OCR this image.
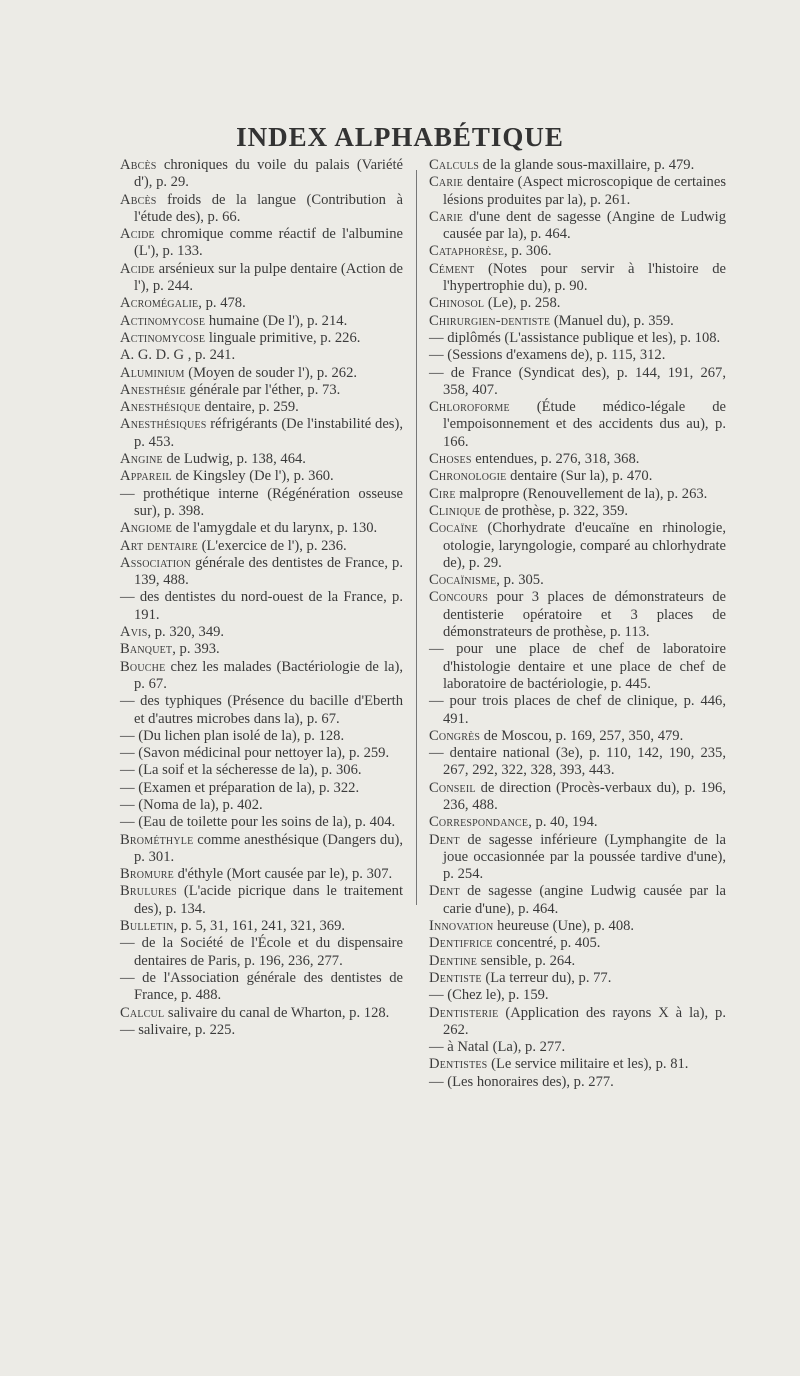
INDEX ALPHABÉTIQUE

Abcès chroniques du voile du palais (Variété d'), p. 29.

Abcès froids de la langue (Contribution à l'étude des), p. 66.

Acide chromique comme réactif de l'albumine (L'), p. 133.

Acide arsénieux sur la pulpe dentaire (Action de l'), p. 244.

Acromégalie, p. 478.

Actinomycose humaine (De l'), p. 214.

Actinomycose linguale primitive, p. 226.

A. G. D. G , p. 241.

Aluminium (Moyen de souder l'), p. 262.

Anesthésie générale par l'éther, p. 73.

Anesthésique dentaire, p. 259.

Anesthésiques réfrigérants (De l'instabilité des), p. 453.

Angine de Ludwig, p. 138, 464.

Appareil de Kingsley (De l'), p. 360.

— prothétique interne (Régénération osseuse sur), p. 398.

Angiome de l'amygdale et du larynx, p. 130.

Art dentaire (L'exercice de l'), p. 236.

Association générale des dentistes de France, p. 139, 488.

— des dentistes du nord-ouest de la France, p. 191.

Avis, p. 320, 349.

Banquet, p. 393.

Bouche chez les malades (Bactériologie de la), p. 67.

— des typhiques (Présence du bacille d'Eberth et d'autres microbes dans la), p. 67.

— (Du lichen plan isolé de la), p. 128.

— (Savon médicinal pour nettoyer la), p. 259.

— (La soif et la sécheresse de la), p. 306.

— (Examen et préparation de la), p. 322.

— (Noma de la), p. 402.

— (Eau de toilette pour les soins de la), p. 404.

Brométhyle comme anesthésique (Dangers du), p. 301.

Bromure d'éthyle (Mort causée par le), p. 307.

Brulures (L'acide picrique dans le traitement des), p. 134.

Bulletin, p. 5, 31, 161, 241, 321, 369.

— de la Société de l'École et du dispensaire dentaires de Paris, p. 196, 236, 277.

— de l'Association générale des dentistes de France, p. 488.

Calcul salivaire du canal de Wharton, p. 128.

— salivaire, p. 225.

Calculs de la glande sous-maxillaire, p. 479.

Carie dentaire (Aspect microscopique de certaines lésions produites par la), p. 261.

Carie d'une dent de sagesse (Angine de Ludwig causée par la), p. 464.

Cataphorèse, p. 306.

Cément (Notes pour servir à l'histoire de l'hypertrophie du), p. 90.

Chinosol (Le), p. 258.

Chirurgien-dentiste (Manuel du), p. 359.

— diplômés (L'assistance publique et les), p. 108.

— (Sessions d'examens de), p. 115, 312.

— de France (Syndicat des), p. 144, 191, 267, 358, 407.

Chloroforme (Étude médico-légale de l'empoisonnement et des accidents dus au), p. 166.

Choses entendues, p. 276, 318, 368.

Chronologie dentaire (Sur la), p. 470.

Cire malpropre (Renouvellement de la), p. 263.

Clinique de prothèse, p. 322, 359.

Cocaïne (Chorhydrate d'eucaïne en rhinologie, otologie, laryngologie, comparé au chlorhydrate de), p. 29.

Cocaïnisme, p. 305.

Concours pour 3 places de démonstrateurs de dentisterie opératoire et 3 places de démonstrateurs de prothèse, p. 113.

— pour une place de chef de laboratoire d'histologie dentaire et une place de chef de laboratoire de bactériologie, p. 445.

— pour trois places de chef de clinique, p. 446, 491.

Congrès de Moscou, p. 169, 257, 350, 479.

— dentaire national (3e), p. 110, 142, 190, 235, 267, 292, 322, 328, 393, 443.

Conseil de direction (Procès-verbaux du), p. 196, 236, 488.

Correspondance, p. 40, 194.

Dent de sagesse inférieure (Lymphangite de la joue occasionnée par la poussée tardive d'une), p. 254.

Dent de sagesse (angine Ludwig causée par la carie d'une), p. 464.

Innovation heureuse (Une), p. 408.

Dentifrice concentré, p. 405.

Dentine sensible, p. 264.

Dentiste (La terreur du), p. 77.

— (Chez le), p. 159.

Dentisterie (Application des rayons X à la), p. 262.

— à Natal (La), p. 277.

Dentistes (Le service militaire et les), p. 81.

— (Les honoraires des), p. 277.
